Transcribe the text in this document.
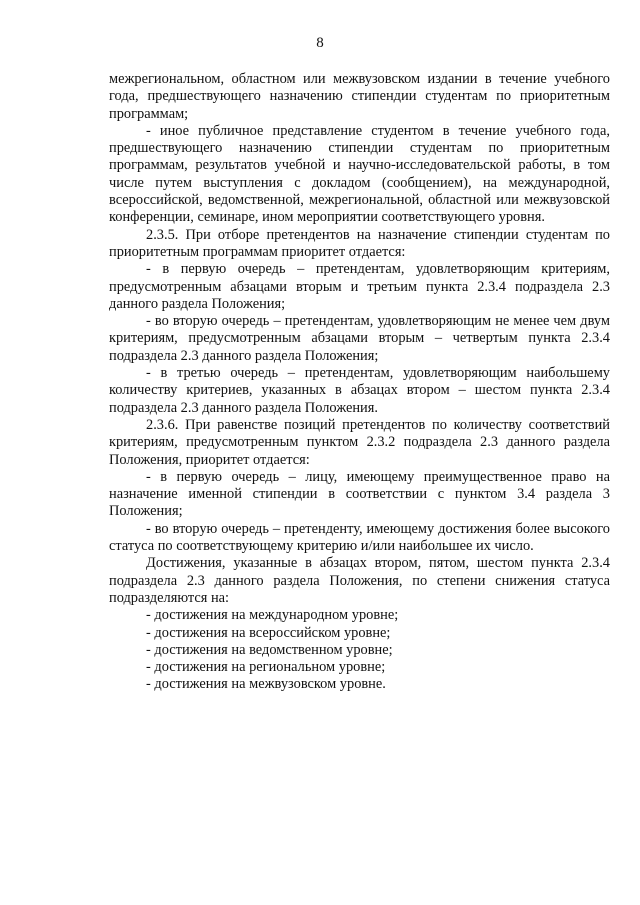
8

межрегиональном, областном или межвузовском издании в течение учебного года, предшествующего назначению стипендии студентам по приоритетным программам;

- иное публичное представление студентом в течение учебного года, предшествующего назначению стипендии студентам по приоритетным программам, результатов учебной и научно-исследовательской работы, в том числе путем выступления с докладом (сообщением), на международной, всероссийской, ведомственной, межрегиональной, областной или межвузовской конференции, семинаре, ином мероприятии соответствующего уровня.

2.3.5. При отборе претендентов на назначение стипендии студентам по приоритетным программам приоритет отдается:

- в первую очередь – претендентам, удовлетворяющим критериям, предусмотренным абзацами вторым и третьим пункта 2.3.4 подраздела 2.3 данного раздела Положения;

- во вторую очередь – претендентам, удовлетворяющим не менее чем двум критериям, предусмотренным абзацами вторым – четвертым пункта 2.3.4 подраздела 2.3 данного раздела Положения;

- в третью очередь – претендентам, удовлетворяющим наибольшему количеству критериев, указанных в абзацах втором – шестом пункта 2.3.4 подраздела 2.3 данного раздела Положения.

2.3.6. При равенстве позиций претендентов по количеству соответствий критериям, предусмотренным пунктом 2.3.2 подраздела 2.3 данного раздела Положения, приоритет отдается:

- в первую очередь – лицу, имеющему преимущественное право на назначение именной стипендии в соответствии с пунктом 3.4 раздела 3 Положения;

- во вторую очередь – претенденту, имеющему достижения более высокого статуса по соответствующему критерию и/или наибольшее их число.

Достижения, указанные в абзацах втором, пятом, шестом пункта 2.3.4 подраздела 2.3 данного раздела Положения, по степени снижения статуса подразделяются на:

- достижения на международном уровне;

- достижения на всероссийском уровне;

- достижения на ведомственном уровне;

- достижения на региональном уровне;

- достижения на межвузовском уровне.
